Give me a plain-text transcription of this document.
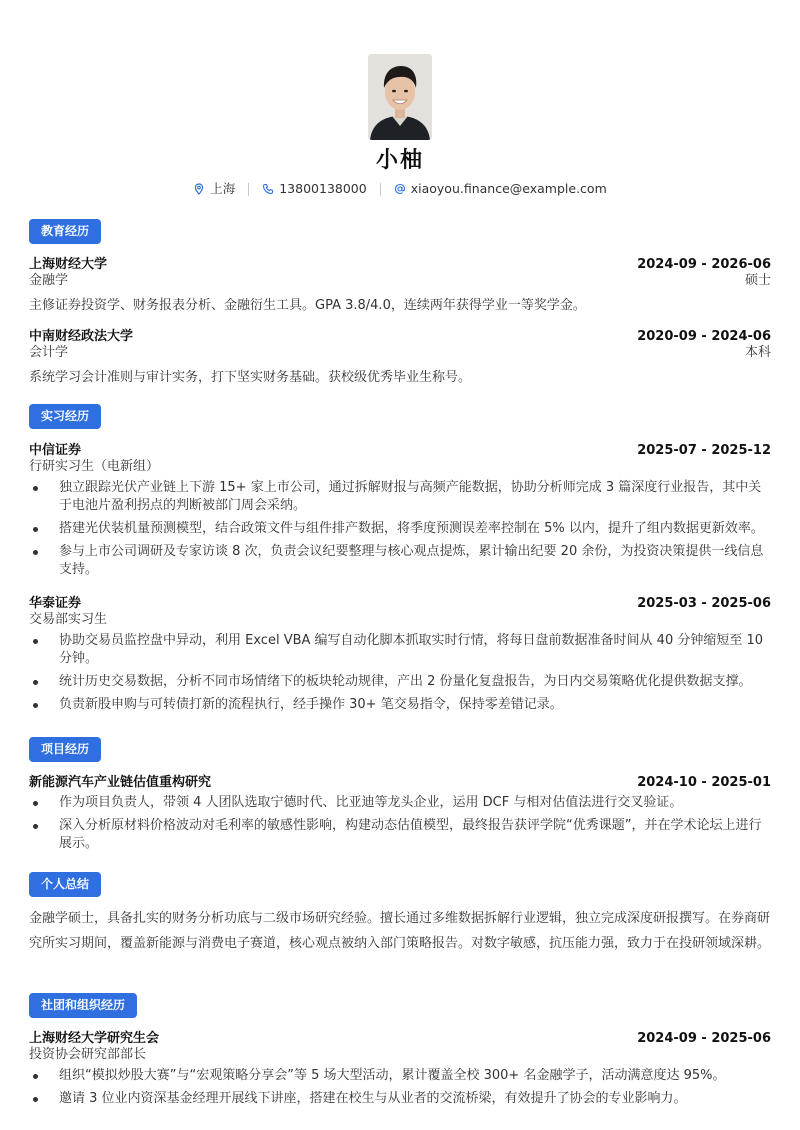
小柚
上海	13800138000	xiaoyou.finance@example.com
教育经历
上海财经大学	2024-09 - 2026-06
金融学	硕士
主修证券投资学、财务报表分析、金融衍生工具。GPA 3.8/4.0，连续两年获得学业一等奖学金。
中南财经政法大学	2020-09 - 2024-06
会计学	本科
系统学习会计准则与审计实务，打下坚实财务基础。获校级优秀毕业生称号。
实习经历
中信证券	2025-07 - 2025-12
行研实习生（电新组）
独立跟踪光伏产业链上下游 15+ 家上市公司，通过拆解财报与高频产能数据，协助分析师完成 3 篇深度行业报告，其中关于电池片盈利拐点的判断被部门周会采纳。
搭建光伏装机量预测模型，结合政策文件与组件排产数据，将季度预测误差率控制在 5% 以内，提升了组内数据更新效率。
参与上市公司调研及专家访谈 8 次，负责会议纪要整理与核心观点提炼，累计输出纪要 20 余份，为投资决策提供一线信息支持。
华泰证券	2025-03 - 2025-06
交易部实习生
协助交易员监控盘中异动，利用 Excel VBA 编写自动化脚本抓取实时行情，将每日盘前数据准备时间从 40 分钟缩短至 10 分钟。
统计历史交易数据，分析不同市场情绪下的板块轮动规律，产出 2 份量化复盘报告，为日内交易策略优化提供数据支撑。
负责新股申购与可转债打新的流程执行，经手操作 30+ 笔交易指令，保持零差错记录。
项目经历
新能源汽车产业链估值重构研究	2024-10 - 2025-01
作为项目负责人，带领 4 人团队选取宁德时代、比亚迪等龙头企业，运用 DCF 与相对估值法进行交叉验证。
深入分析原材料价格波动对毛利率的敏感性影响，构建动态估值模型，最终报告获评学院“优秀课题”，并在学术论坛上进行展示。
个人总结
金融学硕士，具备扎实的财务分析功底与二级市场研究经验。擅长通过多维数据拆解行业逻辑，独立完成深度研报撰写。在券商研究所实习期间，覆盖新能源与消费电子赛道，核心观点被纳入部门策略报告。对数字敏感，抗压能力强，致力于在投研领域深耕。
社团和组织经历
上海财经大学研究生会	2024-09 - 2025-06
投资协会研究部部长
组织“模拟炒股大赛”与“宏观策略分享会”等 5 场大型活动，累计覆盖全校 300+ 名金融学子，活动满意度达 95%。
邀请 3 位业内资深基金经理开展线下讲座，搭建在校生与从业者的交流桥梁，有效提升了协会的专业影响力。
